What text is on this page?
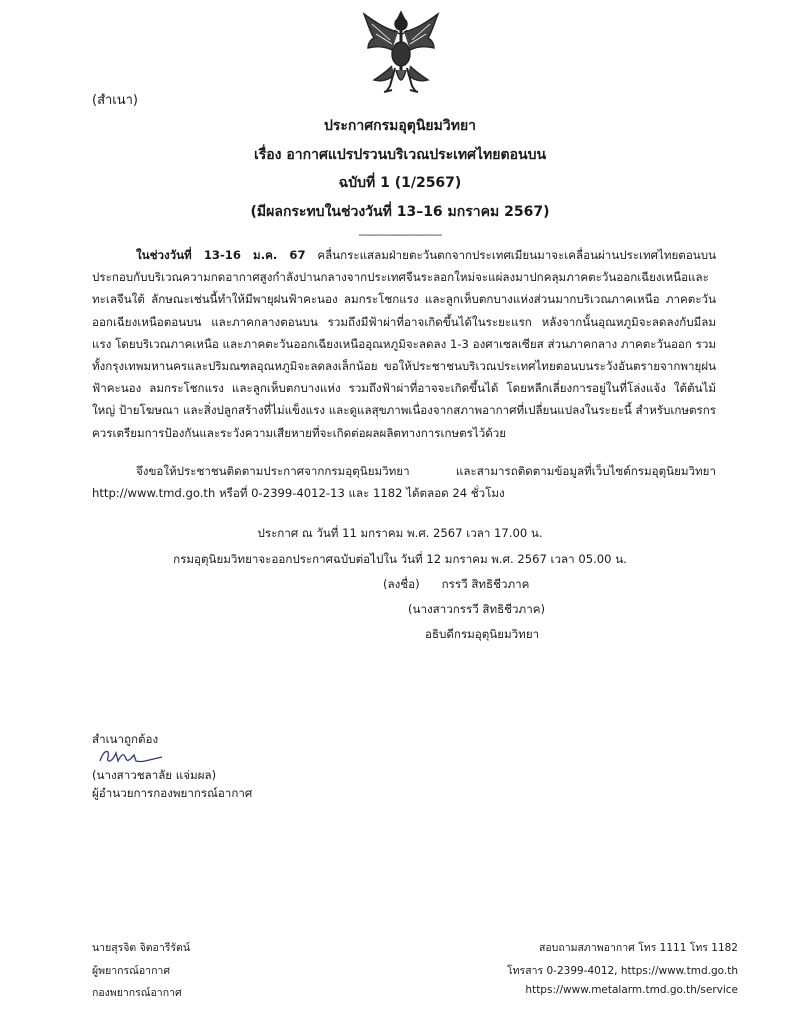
(สำเนา)
ประกาศกรมอุตุนิยมวิทยา
เรื่อง อากาศแปรปรวนบริเวณประเทศไทยตอนบน
ฉบับที่ 1 (1/2567)
(มีผลกระทบในช่วงวันที่ 13–16 มกราคม 2567)
----------------------------

ในช่วงวันที่ 13-16 ม.ค. 67 คลื่นกระแสลมฝ่ายตะวันตกจากประเทศเมียนมาจะเคลื่อนผ่านประเทศไทยตอนบนประกอบกับบริเวณความกดอากาศสูงกำลังปานกลางจากประเทศจีนระลอกใหม่จะแผ่ลงมาปกคลุมภาคตะวันออกเฉียงเหนือและทะเลจีนใต้ ลักษณะเช่นนี้ทำให้มีพายุฝนฟ้าคะนอง ลมกระโชกแรง และลูกเห็บตกบางแห่งส่วนมากบริเวณภาคเหนือ ภาคตะวันออกเฉียงเหนือตอนบน และภาคกลางตอนบน รวมถึงมีฟ้าผ่าที่อาจเกิดขึ้นได้ในระยะแรก หลังจากนั้นอุณหภูมิจะลดลงกับมีลมแรง โดยบริเวณภาคเหนือ และภาคตะวันออกเฉียงเหนืออุณหภูมิจะลดลง 1-3 องศาเซลเซียส ส่วนภาคกลาง ภาคตะวันออก รวมทั้งกรุงเทพมหานครและปริมณฑลอุณหภูมิจะลดลงเล็กน้อย ขอให้ประชาชนบริเวณประเทศไทยตอนบนระวังอันตรายจากพายุฝนฟ้าคะนอง ลมกระโชกแรง และลูกเห็บตกบางแห่ง รวมถึงฟ้าผ่าที่อาจจะเกิดขึ้นได้ โดยหลีกเลี่ยงการอยู่ในที่โล่งแจ้ง ใต้ต้นไม้ใหญ่ ป้ายโฆษณา และสิ่งปลูกสร้างที่ไม่แข็งแรง และดูแลสุขภาพเนื่องจากสภาพอากาศที่เปลี่ยนแปลงในระยะนี้ สำหรับเกษตรกรควรเตรียมการป้องกันและระวังความเสียหายที่จะเกิดต่อผลผลิตทางการเกษตรไว้ด้วย

จึงขอให้ประชาชนติดตามประกาศจากกรมอุตุนิยมวิทยา และสามารถติดตามข้อมูลที่เว็บไซต์กรมอุตุนิยมวิทยา http://www.tmd.go.th หรือที่ 0-2399-4012-13 และ 1182 ได้ตลอด 24 ชั่วโมง

ประกาศ ณ วันที่ 11 มกราคม พ.ศ. 2567 เวลา 17.00 น.
กรมอุตุนิยมวิทยาจะออกประกาศฉบับต่อไปใน วันที่ 12 มกราคม พ.ศ. 2567 เวลา 05.00 น.
(ลงชื่อ) กรรวี สิทธิชีวภาค
(นางสาวกรรวี สิทธิชีวภาค)
อธิบดีกรมอุตุนิยมวิทยา
สำเนาถูกต้อง
(นางสาวชลาลัย แจ่มผล)
ผู้อำนวยการกองพยากรณ์อากาศ
นายสุรจิต จิตอารีรัตน์
ผู้พยากรณ์อากาศ
กองพยากรณ์อากาศ
สอบถามสภาพอากาศ โทร 1111 โทร 1182
โทรสาร 0-2399-4012, https://www.tmd.go.th
https://www.metalarm.tmd.go.th/service
